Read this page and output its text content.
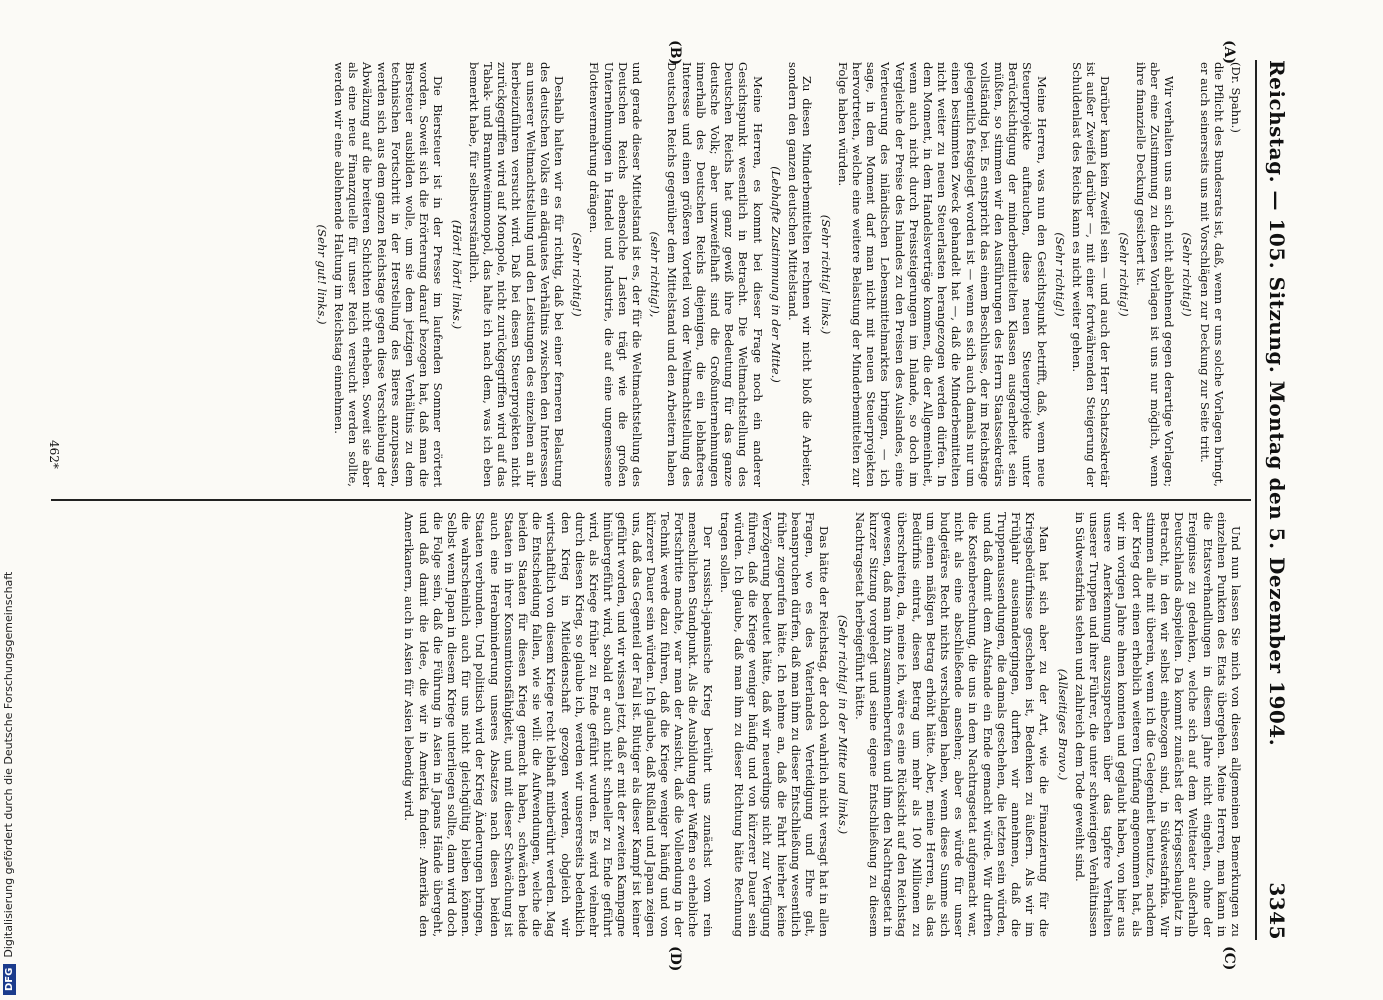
Reichstag. — 105. Sitzung. Montag den 5. Dezember 1904.
3345
(A)
(B)
(C)
(D)
(Dr. Spahn.)

die Pflicht des Bundesrats ist, daß, wenn er uns solche Vorlagen bringt, er auch seinerseits uns mit Vorschlägen zur Deckung zur Seite tritt.

(Sehr richtig!)

Wir verhalten uns an sich nicht ablehnend gegen derartige Vorlagen; aber eine Zustimmung zu diesen Vorlagen ist uns nur möglich, wenn ihre finanzielle Deckung gesichert ist.

(Sehr richtig!)

Darüber kann kein Zweifel sein — und auch der Herr Schatzsekretär ist außer Zweifel darüber —, mit einer fortwährenden Steigerung der Schuldenlast des Reichs kann es nicht weiter gehen.

(Sehr richtig!)

Meine Herren, was nun den Gesichtspunkt betrifft, daß, wenn neue Steuerprojekte auftauchen, diese neuen Steuerprojekte unter Berücksichtigung der minderbemittelten Klassen ausgearbeitet sein müßten, so stimmen wir den Ausführungen des Herrn Staatssekretärs vollständig bei. Es entspricht das einem Beschlusse, der im Reichstage gelegentlich festgelegt worden ist — wenn es sich auch damals nur um einen bestimmten Zweck gehandelt hat —, daß die Minderbemittelten nicht weiter zu neuen Steuerlasten herangezogen werden dürfen. In dem Moment, in dem Handelsverträge kommen, die der Allgemeinheit, wenn auch nicht durch Preissteigerungen im Inlande, so doch im Vergleiche der Preise des Inlandes zu den Preisen des Auslandes, eine Verteuerung des inländischen Lebensmittelmarktes bringen, — ich sage, in dem Moment darf man nicht mit neuen Steuerprojekten hervortreten, welche eine weitere Belastung der Minderbemittelten zur Folge haben würden.

(Sehr richtig! links.)

Zu diesen Minderbemittelten rechnen wir nicht bloß die Arbeiter, sondern den ganzen deutschen Mittelstand.

(Lebhafte Zustimmung in der Mitte.)

Meine Herren, es kommt bei dieser Frage noch ein anderer Gesichtspunkt wesentlich in Betracht. Die Weltmachtstellung des Deutschen Reichs hat ganz gewiß ihre Bedeutung für das ganze deutsche Volk; aber unzweifelhaft sind die Großunternehmungen innerhalb des Deutschen Reichs diejenigen, die ein lebhafteres Interesse und einen größeren Vorteil von der Weltmachtstellung des Deutschen Reichs gegenüber dem Mittelstand und den Arbeitern haben

(sehr richtig!),

und gerade dieser Mittelstand ist es, der für die Weltmachtstellung des Deutschen Reichs ebensolche Lasten trägt wie die großen Unternehmungen in Handel und Industrie, die auf eine ungemessene Flottenvermehrung drängen.

(Sehr richtig!)

Deshalb halten wir es für richtig, daß bei einer ferneren Belastung des deutschen Volks ein adäquates Verhältnis zwischen den Interessen an unserer Weltmachtstellung und den Leistungen des einzelnen an ihr herbeizuführen versucht wird. Daß bei diesen Steuerprojekten nicht zurückgegriffen wird auf Monopole, nicht zurückgegriffen wird auf das Tabak- und Branntweinmonopol, das halte ich nach dem, was ich eben bemerkt habe, für selbstverständlich.

(Hört! hört! links.)

Die Biersteuer ist in der Presse im laufenden Sommer erörtert worden. Soweit sich die Erörterung darauf bezogen hat, daß man die Biersteuer ausbilden wolle, um sie dem jetzigen Verhältnis zu dem technischen Fortschritt in der Herstellung des Bieres anzupassen, werden sich aus dem ganzen Reichstage gegen diese Verschiebung der Abwälzung auf die breiteren Schichten nicht erheben. Soweit sie aber als eine neue Finanzquelle für unser Reich versucht werden sollte, werden wir eine ablehnende Haltung im Reichstag einnehmen.

(Sehr gut! links.)

Und nun lassen Sie mich von diesen allgemeinen Bemerkungen zu einzelnen Punkten des Etats übergehen. Meine Herren, man kann in die Etatsverhandlungen in diesem Jahre nicht eingehen, ohne der Ereignisse zu gedenken, welche sich auf dem Weltteater außerhalb Deutschlands abspielten. Da kommt zunächst der Kriegsschauplatz in Betracht, in den wir selbst einbezogen sind, in Südwestafrika. Wir stimmen alle mit überein, wenn ich die Gelegenheit benutze, nachdem der Krieg dort einen erheblich weiteren Umfang angenommen hat, als wir im vorigen Jahre ahnen konnten und geglaubt haben, von hier aus unsere Anerkennung auszusprechen über das tapfere Verhalten unserer Truppen und ihrer Führer, die unter schwierigen Verhältnissen in Südwestafrika stehen und zahlreich dem Tode geweiht sind.

(Allseitiges Bravo.)

Man hat sich aber zu der Art, wie die Finanzierung für die Kriegsbedürfnisse geschehen ist, Bedenken zu äußern. Als wir im Frühjahr auseinandergingen, durften wir annehmen, daß die Truppenaussendungen, die damals geschehen, die letzten sein würden, und daß damit dem Aufstande ein Ende gemacht würde. Wir durften die Kostenberechnung, die uns in dem Nachtragsetat aufgemacht war, nicht als eine abschließende ansehen; aber es würde für unser budgetäres Recht nichts verschlagen haben, wenn diese Summe sich um einen mäßigen Betrag erhöht hätte. Aber, meine Herren, als das Bedürfnis eintrat, diesen Betrag um mehr als 100 Millionen zu überschreiten, da, meine ich, wäre es eine Rücksicht auf den Reichstag gewesen, daß man ihn zusammenberufen und ihm den Nachtragsetat in kurzer Sitzung vorgelegt und seine eigene Entschließung zu diesem Nachtragsetat herbeigeführt hätte.

(Sehr richtig! in der Mitte und links.)

Das hätte der Reichstag, der doch wahrlich nicht versagt hat in allen Fragen, wo es des Vaterlandes Verteidigung und Ehre galt, beanspruchen dürfen, daß man ihm zu dieser Entschließung wesentlich früher zugerufen hätte. Ich nehme an, daß die Fahrt hierher keine Verzögerung bedeutet hätte, daß wir neuerdings nicht zur Verfügung führen, daß die Kriege weniger häufig und von kürzerer Dauer sein würden. Ich glaube, daß man ihm zu dieser Richtung hätte Rechnung tragen sollen.

Der russisch-japanische Krieg berührt uns zunächst vom rein menschlichen Standpunkt. Als die Ausbildung der Waffen so erhebliche Fortschritte machte, war man der Ansicht, daß die Vollendung in der Technik werde dazu führen, daß die Kriege weniger häufig und von kürzerer Dauer sein würden. Ich glaube, daß Rußland und Japan zeigen uns, daß das Gegenteil der Fall ist. Blutiger als dieser Kampf ist keiner geführt worden, und wir wissen jetzt, daß er mit der zweiten Kampagne hinübergeführt wird, sobald er auch nicht schneller zu Ende geführt wird, als Kriege früher zu Ende geführt wurden. Es wird vielmehr durch diesen Krieg, so glaube ich, werden wir unsererseits bedenklich den Krieg in Mitleidenschaft gezogen werden, obgleich wir wirtschaftlich von diesem Kriege recht lebhaft mitberührt werden. Mag die Entscheidung fallen, wie sie will: die Aufwendungen, welche die beiden Staaten für diesen Krieg gemacht haben, schwächen beide Staaten in ihrer Konsumtionsfähigkeit, und mit dieser Schwächung ist auch eine Herabminderung unseres Absatzes nach diesen beiden Staaten verbunden. Und politisch wird der Krieg Änderungen bringen, die wahrscheinlich auch für uns nicht gleichgültig bleiben können. Selbst wenn Japan in diesem Kriege unterliegen sollte, dann wird doch die Folge sein, daß die Führung in Asien in Japans Hände übergeht, und daß damit die Idee, die wir in Amerika finden: Amerika den Amerikanern, auch in Asien für Asien lebendig wird.

462*
DFGDigitalisierung gefördert durch die Deutsche Forschungsgemeinschaft
